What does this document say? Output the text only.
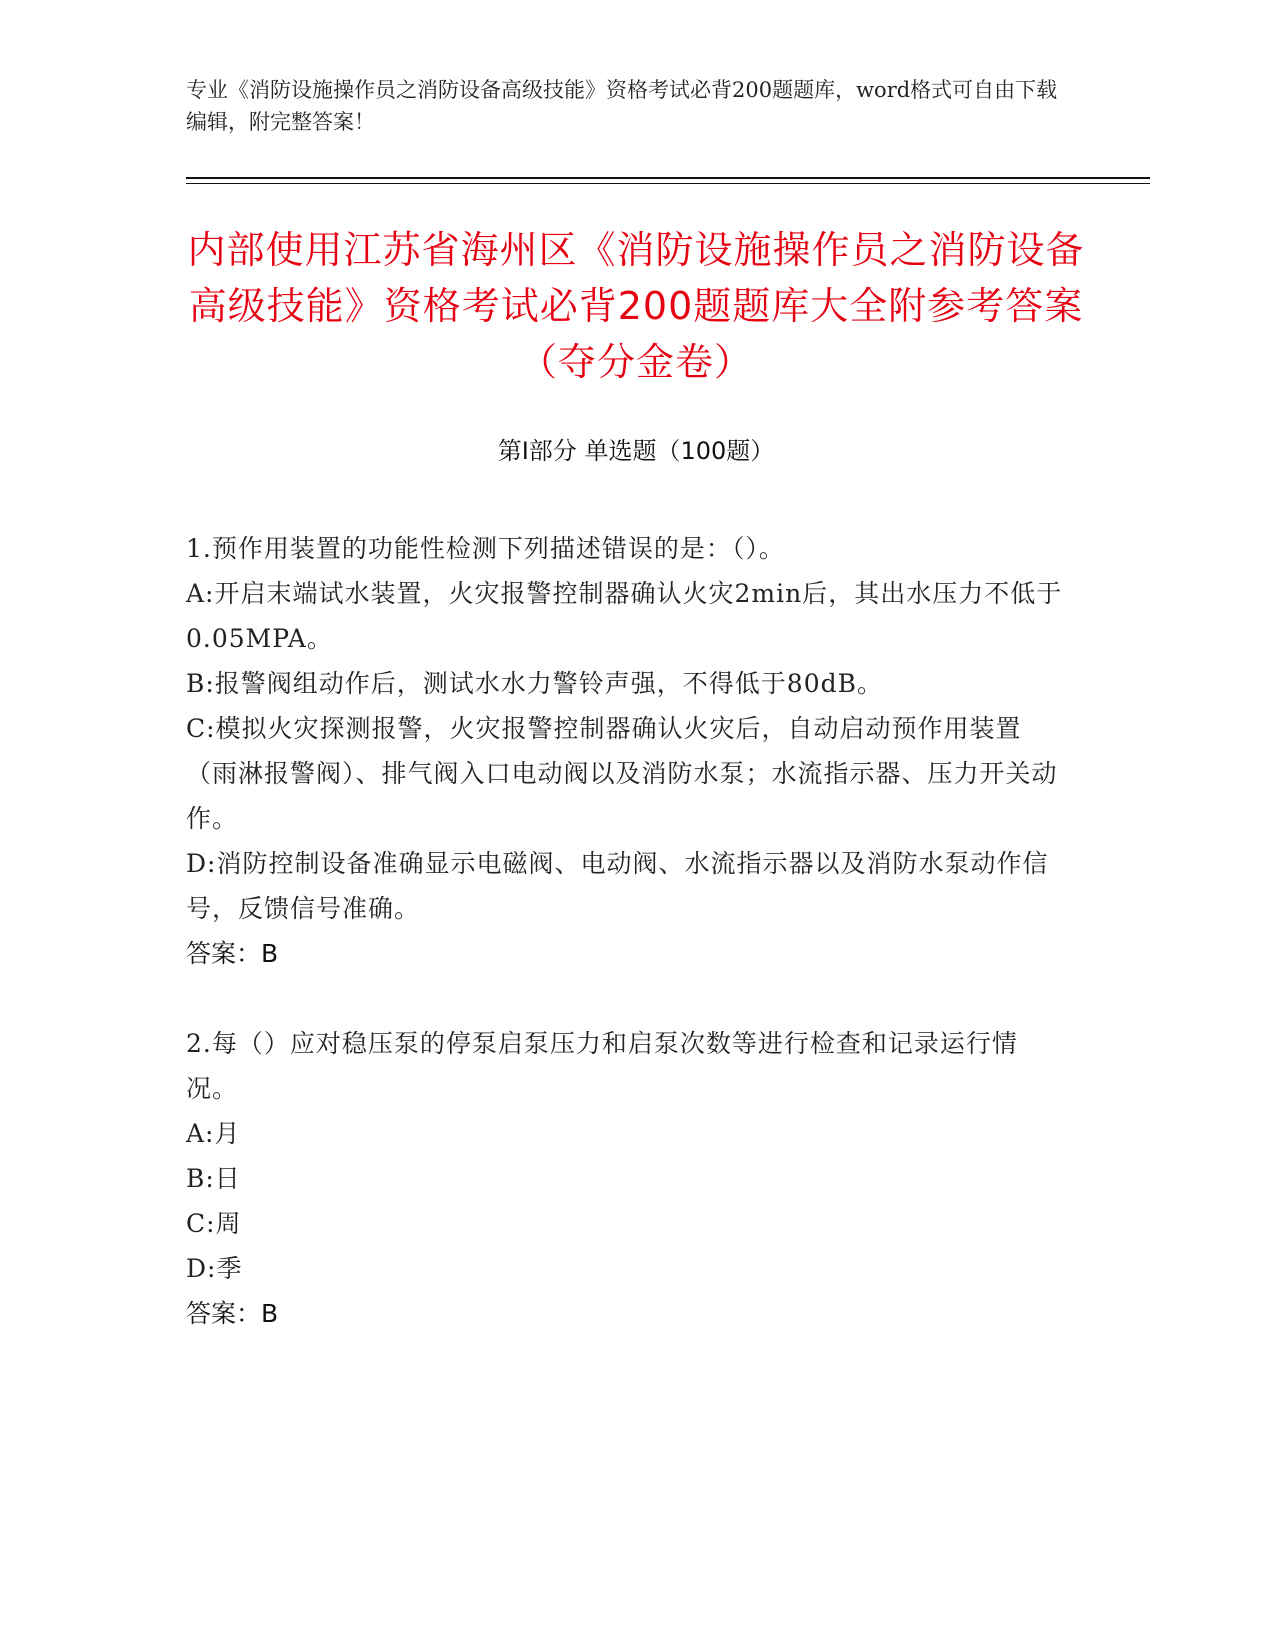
专业《消防设施操作员之消防设备高级技能》资格考试必背200题题库，word格式可自由下载编辑，附完整答案！
内部使用江苏省海州区《消防设施操作员之消防设备高级技能》资格考试必背200题题库大全附参考答案（夺分金卷）
第Ⅰ部分 单选题（100题）
1.预作用装置的功能性检测下列描述错误的是：（）。
A:开启末端试水装置，火灾报警控制器确认火灾2min后，其出水压力不低于0.05MPA。
B:报警阀组动作后，测试水水力警铃声强，不得低于80dB。
C:模拟火灾探测报警，火灾报警控制器确认火灾后，自动启动预作用装置（雨淋报警阀）、排气阀入口电动阀以及消防水泵；水流指示器、压力开关动作。
D:消防控制设备准确显示电磁阀、电动阀、水流指示器以及消防水泵动作信号，反馈信号准确。
答案：B
2.每（）应对稳压泵的停泵启泵压力和启泵次数等进行检查和记录运行情况。
A:月
B:日
C:周
D:季
答案：B
